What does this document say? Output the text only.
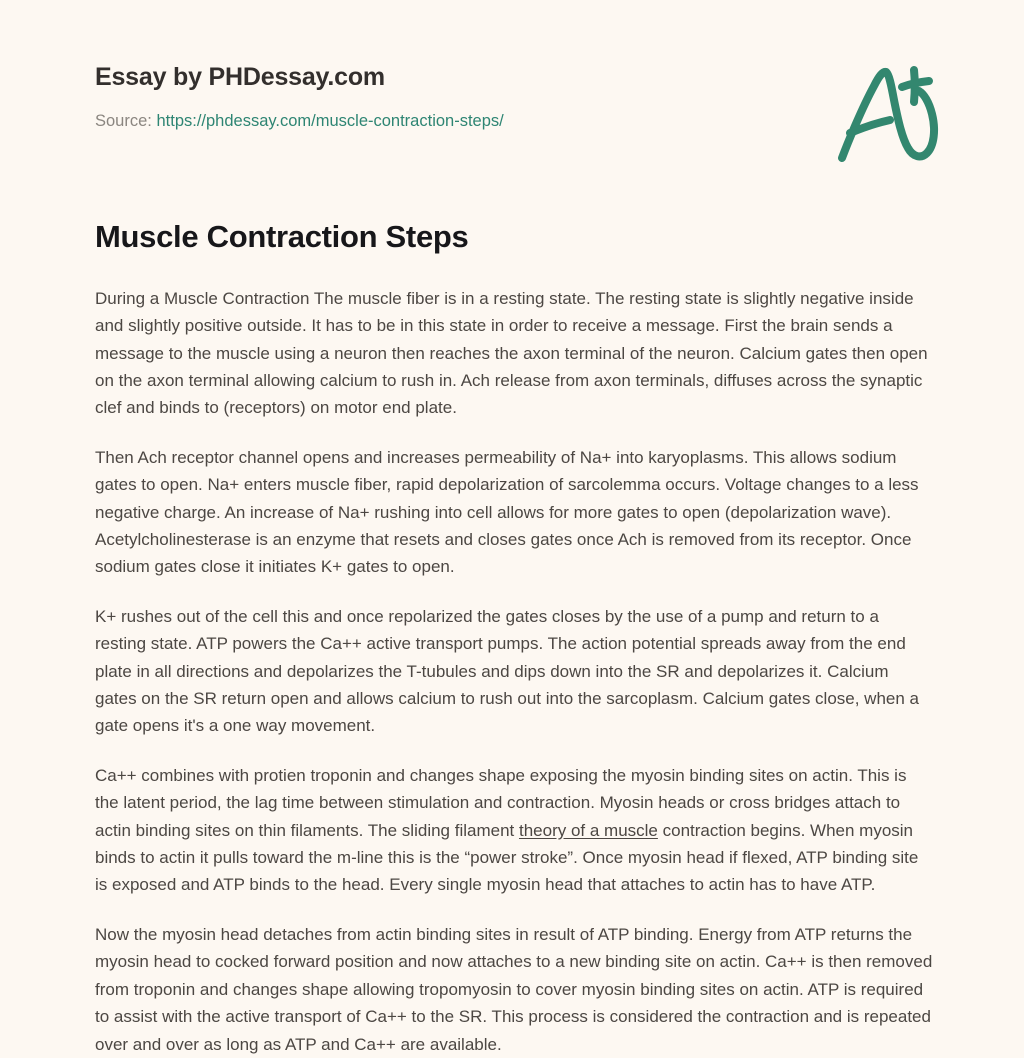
Essay by PHDessay.com
Source: https://phdessay.com/muscle-contraction-steps/
Muscle Contraction Steps

During a Muscle Contraction The muscle fiber is in a resting state. The resting state is slightly negative inside and slightly positive outside. It has to be in this state in order to receive a message. First the brain sends a message to the muscle using a neuron then reaches the axon terminal of the neuron. Calcium gates then open on the axon terminal allowing calcium to rush in. Ach release from axon terminals, diffuses across the synaptic clef and binds to (receptors) on motor end plate.

Then Ach receptor channel opens and increases permeability of Na+ into karyoplasms. This allows sodium gates to open. Na+ enters muscle fiber, rapid depolarization of sarcolemma occurs. Voltage changes to a less negative charge. An increase of Na+ rushing into cell allows for more gates to open (depolarization wave). Acetylcholinesterase is an enzyme that resets and closes gates once Ach is removed from its receptor. Once sodium gates close it initiates K+ gates to open.

K+ rushes out of the cell this and once repolarized the gates closes by the use of a pump and return to a resting state. ATP powers the Ca++ active transport pumps. The action potential spreads away from the end plate in all directions and depolarizes the T-tubules and dips down into the SR and depolarizes it. Calcium gates on the SR return open and allows calcium to rush out into the sarcoplasm. Calcium gates close, when a gate opens it's a one way movement.

Ca++ combines with protien troponin and changes shape exposing the myosin binding sites on actin. This is the latent period, the lag time between stimulation and contraction. Myosin heads or cross bridges attach to actin binding sites on thin filaments. The sliding filament theory of a muscle contraction begins. When myosin binds to actin it pulls toward the m-line this is the “power stroke”. Once myosin head if flexed, ATP binding site is exposed and ATP binds to the head. Every single myosin head that attaches to actin has to have ATP.

Now the myosin head detaches from actin binding sites in result of ATP binding. Energy from ATP returns the myosin head to cocked forward position and now attaches to a new binding site on actin. Ca++ is then removed from troponin and changes shape allowing tropomyosin to cover myosin binding sites on actin. ATP is required to assist with the active transport of Ca++ to the SR. This process is considered the contraction and is repeated over and over as long as ATP and Ca++ are available.
